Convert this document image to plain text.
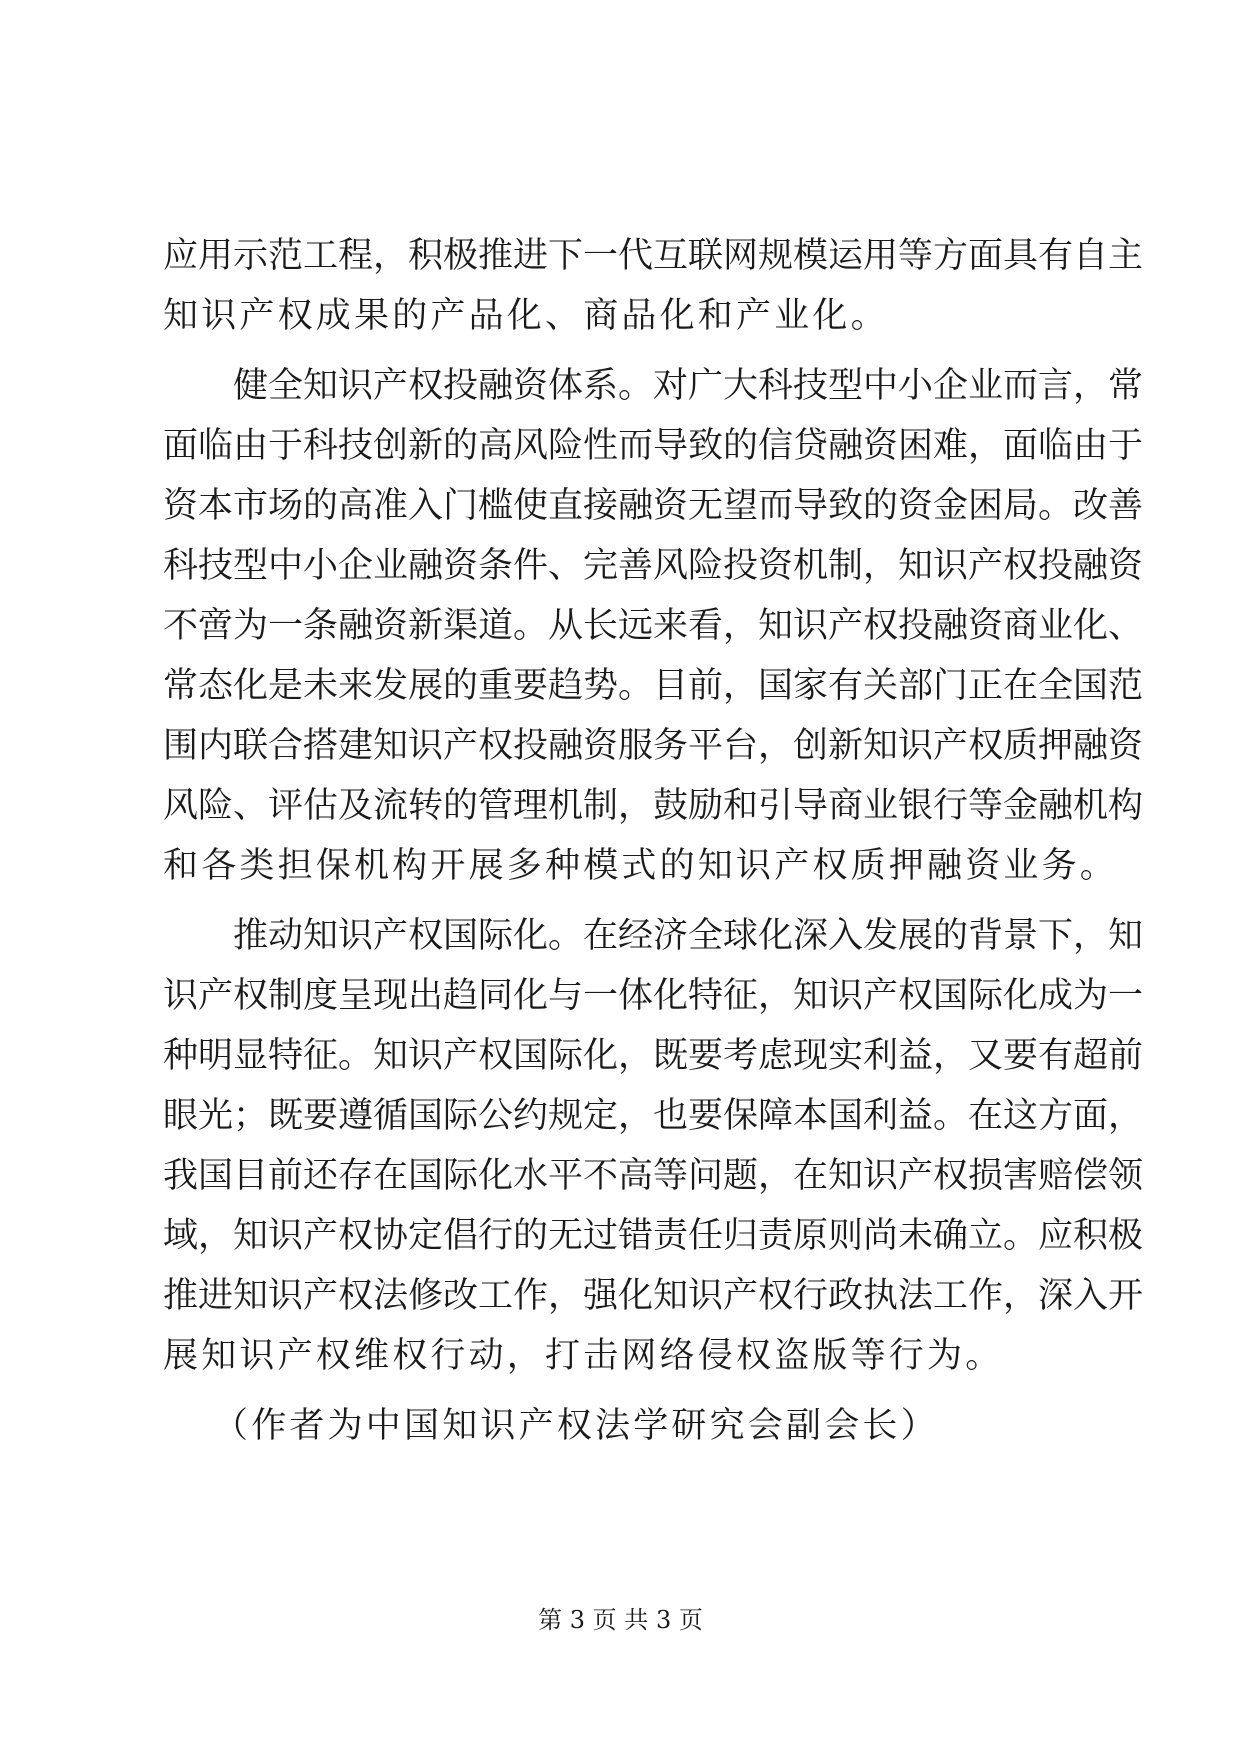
应用示范工程，积极推进下一代互联网规模运用等方面具有自主
知识产权成果的产品化、商品化和产业化。
健全知识产权投融资体系。对广大科技型中小企业而言，常
面临由于科技创新的高风险性而导致的信贷融资困难，面临由于
资本市场的高准入门槛使直接融资无望而导致的资金困局。改善
科技型中小企业融资条件、完善风险投资机制，知识产权投融资
不啻为一条融资新渠道。从长远来看，知识产权投融资商业化、
常态化是未来发展的重要趋势。目前，国家有关部门正在全国范
围内联合搭建知识产权投融资服务平台，创新知识产权质押融资
风险、评估及流转的管理机制，鼓励和引导商业银行等金融机构
和各类担保机构开展多种模式的知识产权质押融资业务。
推动知识产权国际化。在经济全球化深入发展的背景下，知
识产权制度呈现出趋同化与一体化特征，知识产权国际化成为一
种明显特征。知识产权国际化，既要考虑现实利益，又要有超前
眼光；既要遵循国际公约规定，也要保障本国利益。在这方面，
我国目前还存在国际化水平不高等问题，在知识产权损害赔偿领
域，知识产权协定倡行的无过错责任归责原则尚未确立。应积极
推进知识产权法修改工作，强化知识产权行政执法工作，深入开
展知识产权维权行动，打击网络侵权盗版等行为。
（作者为中国知识产权法学研究会副会长）
第 3 页 共 3 页
